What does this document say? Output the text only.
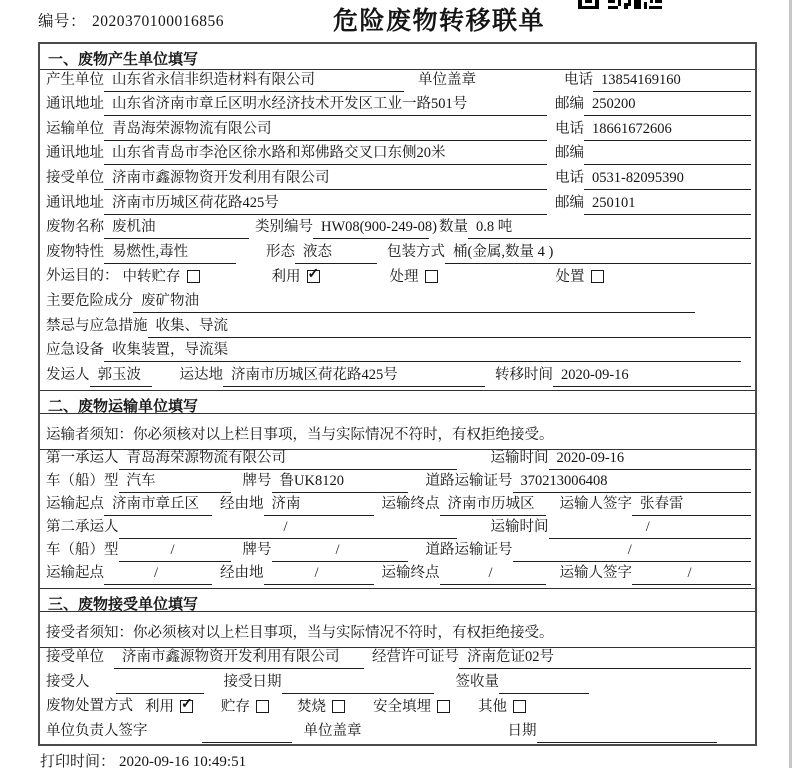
编号： 2020370100016856	危险废物转移联单
一、废物产生单位填写
产生单位 山东省永信非织造材料有限公司	单位盖章	电话 13854169160
通讯地址 山东省济南市章丘区明水经济技术开发区工业一路501号	邮编 250200
运输单位 青岛海荣源物流有限公司	电话 18661672606
通讯地址 山东省青岛市李沧区徐水路和郑佛路交叉口东侧20米	邮编
接受单位 济南市鑫源物资开发利用有限公司	电话 0531-82095390
通讯地址 济南市历城区荷花路425号	邮编 250101
废物名称 废机油	类别编号 HW08(900-249-08) 数量 0.8 吨
废物特性 易燃性,毒性	形态 液态	包装方式 桶(金属,数量 4 )
外运目的： 中转贮存	利用 ✓	处理	处置
主要危险成分 废矿物油
禁忌与应急措施 收集、导流
应急设备 收集装置，导流渠
发运人 郭玉波	运达地 济南市历城区荷花路425号	转移时间 2020-09-16
二、废物运输单位填写
运输者须知： 你必须核对以上栏目事项，当与实际情况不符时，有权拒绝接受。
第一承运人 青岛海荣源物流有限公司	运输时间 2020-09-16
车（船）型 汽车	牌号 鲁UK8120	道路运输证号 370213006408
运输起点 济南市章丘区	经由地 济南	运输终点 济南市历城区	运输人签字 张春雷
第二承运人	/	运输时间	/
车（船）型	/	牌号	/	道路运输证号	/
运输起点	/	经由地	/	运输终点	/	运输人签字	/
三、废物接受单位填写
接受者须知： 你必须核对以上栏目事项，当与实际情况不符时，有权拒绝接受。
接受单位	济南市鑫源物资开发利用有限公司	经营许可证号 济南危证02号
接受人	接受日期	签收量
废物处置方式 利用 ✓	贮存	焚烧	安全填埋	其他
单位负责人签字	单位盖章	日期
打印时间： 2020-09-16 10:49:51
